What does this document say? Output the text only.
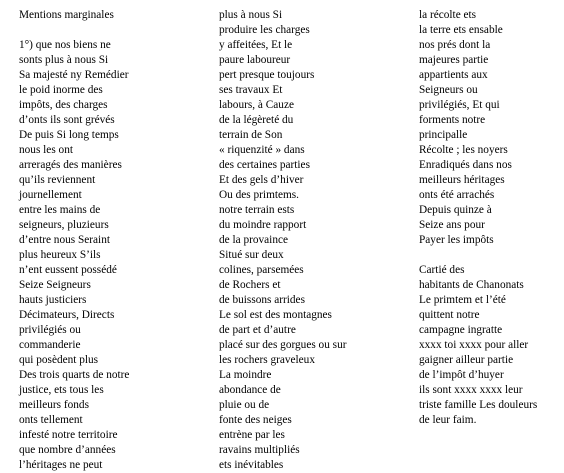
Mentions marginales
1°) que nos biens ne
sonts plus à nous Si
Sa majesté ny Remédier
le poid inorme des
impôts, des charges
d’onts ils sont grévés
De puis Si long temps
nous les ont
arreragés des manières
qu’ils reviennent
journellement
entre les mains de
seigneurs, pluzieurs
d’entre nous Seraint
plus heureux S’ils
n’ent eussent possédé
Seize Seigneurs
hauts justiciers
Décimateurs, Directs
privilégiés ou
commanderie
qui posèdent plus
Des trois quarts de notre
justice, ets tous les
meilleurs fonds
onts tellement
infesté notre territoire
que nombre d’années
l’héritages ne peut
plus à nous Si
produire les charges
y affeitées, Et le
paure laboureur
pert presque toujours
ses travaux Et
labours, à Cauze
de la légèreté du
terrain de Son
« riquenzité » dans
des certaines parties
Et des gels d’hiver
Ou des primtems.
notre terrain ests
du moindre rapport
de la provaince
Situé sur deux
colines, parsemées
de Rochers et
de buissons arrides
Le sol est des montagnes
de part et d’autre
placé sur des gorgues ou sur
les rochers graveleux
La moindre
abondance de
pluie ou de
fonte des neiges
entrène par les
ravains multipliés
ets inévitables
la récolte ets
la terre ets ensable
nos prés dont la
majeures partie
appartients aux
Seigneurs ou
privilégiés, Et qui
forments notre
principalle
Récolte ; les noyers
Enradiqués dans nos
meilleurs héritages
onts été arrachés
Depuis quinze à
Seize ans pour
Payer les impôts
Cartié des
habitants de Chanonats
Le primtem et l’été
quittent notre
campagne ingratte
xxxx toi xxxx pour aller
gaigner ailleur partie
de l’impôt d’huyer
ils sont xxxx xxxx leur
triste famille Les douleurs
de leur faim.
